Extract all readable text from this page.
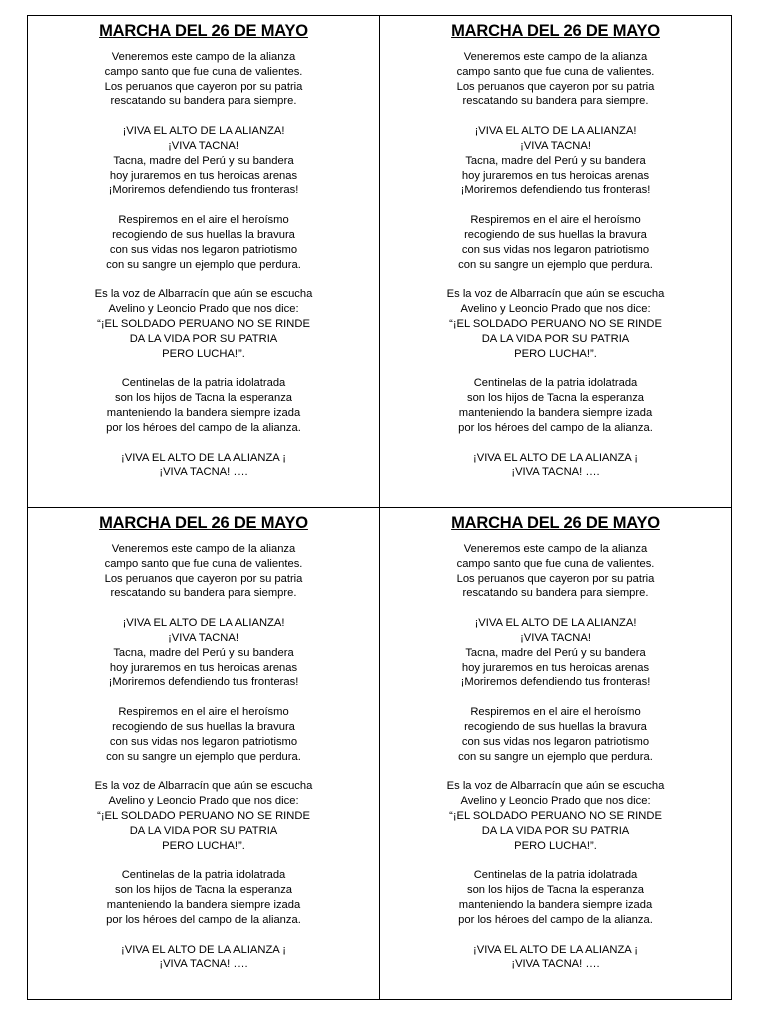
MARCHA DEL 26 DE MAYO
Veneremos este campo de la alianza
campo santo que fue cuna de valientes.
Los peruanos que cayeron por su patria
rescatando su bandera para siempre.
¡VIVA EL ALTO DE LA ALIANZA!
¡VIVA TACNA!
Tacna, madre del Perú y su bandera
hoy juraremos en tus heroicas arenas
¡Moriremos defendiendo tus fronteras!
Respiremos en el aire el heroísmo
recogiendo de sus huellas la bravura
con sus vidas nos legaron patriotismo
con su sangre un ejemplo que perdura.
Es la voz de Albarracín que aún se escucha
Avelino y Leoncio Prado que nos dice:
“¡EL SOLDADO PERUANO NO SE RINDE
DA LA VIDA POR SU PATRIA
PERO LUCHA!”.
Centinelas de la patria idolatrada
son los hijos de Tacna la esperanza
manteniendo la bandera siempre izada
por los héroes del campo de la alianza.
¡VIVA EL ALTO DE LA ALIANZA ¡
¡VIVA TACNA! ….
MARCHA DEL 26 DE MAYO
Veneremos este campo de la alianza
campo santo que fue cuna de valientes.
Los peruanos que cayeron por su patria
rescatando su bandera para siempre.
¡VIVA EL ALTO DE LA ALIANZA!
¡VIVA TACNA!
Tacna, madre del Perú y su bandera
hoy juraremos en tus heroicas arenas
¡Moriremos defendiendo tus fronteras!
Respiremos en el aire el heroísmo
recogiendo de sus huellas la bravura
con sus vidas nos legaron patriotismo
con su sangre un ejemplo que perdura.
Es la voz de Albarracín que aún se escucha
Avelino y Leoncio Prado que nos dice:
“¡EL SOLDADO PERUANO NO SE RINDE
DA LA VIDA POR SU PATRIA
PERO LUCHA!”.
Centinelas de la patria idolatrada
son los hijos de Tacna la esperanza
manteniendo la bandera siempre izada
por los héroes del campo de la alianza.
¡VIVA EL ALTO DE LA ALIANZA ¡
¡VIVA TACNA! ….
MARCHA DEL 26 DE MAYO
Veneremos este campo de la alianza
campo santo que fue cuna de valientes.
Los peruanos que cayeron por su patria
rescatando su bandera para siempre.
¡VIVA EL ALTO DE LA ALIANZA!
¡VIVA TACNA!
Tacna, madre del Perú y su bandera
hoy juraremos en tus heroicas arenas
¡Moriremos defendiendo tus fronteras!
Respiremos en el aire el heroísmo
recogiendo de sus huellas la bravura
con sus vidas nos legaron patriotismo
con su sangre un ejemplo que perdura.
Es la voz de Albarracín que aún se escucha
Avelino y Leoncio Prado que nos dice:
“¡EL SOLDADO PERUANO NO SE RINDE
DA LA VIDA POR SU PATRIA
PERO LUCHA!”.
Centinelas de la patria idolatrada
son los hijos de Tacna la esperanza
manteniendo la bandera siempre izada
por los héroes del campo de la alianza.
¡VIVA EL ALTO DE LA ALIANZA ¡
¡VIVA TACNA! ….
MARCHA DEL 26 DE MAYO
Veneremos este campo de la alianza
campo santo que fue cuna de valientes.
Los peruanos que cayeron por su patria
rescatando su bandera para siempre.
¡VIVA EL ALTO DE LA ALIANZA!
¡VIVA TACNA!
Tacna, madre del Perú y su bandera
hoy juraremos en tus heroicas arenas
¡Moriremos defendiendo tus fronteras!
Respiremos en el aire el heroísmo
recogiendo de sus huellas la bravura
con sus vidas nos legaron patriotismo
con su sangre un ejemplo que perdura.
Es la voz de Albarracín que aún se escucha
Avelino y Leoncio Prado que nos dice:
“¡EL SOLDADO PERUANO NO SE RINDE
DA LA VIDA POR SU PATRIA
PERO LUCHA!”.
Centinelas de la patria idolatrada
son los hijos de Tacna la esperanza
manteniendo la bandera siempre izada
por los héroes del campo de la alianza.
¡VIVA EL ALTO DE LA ALIANZA ¡
¡VIVA TACNA! ….
